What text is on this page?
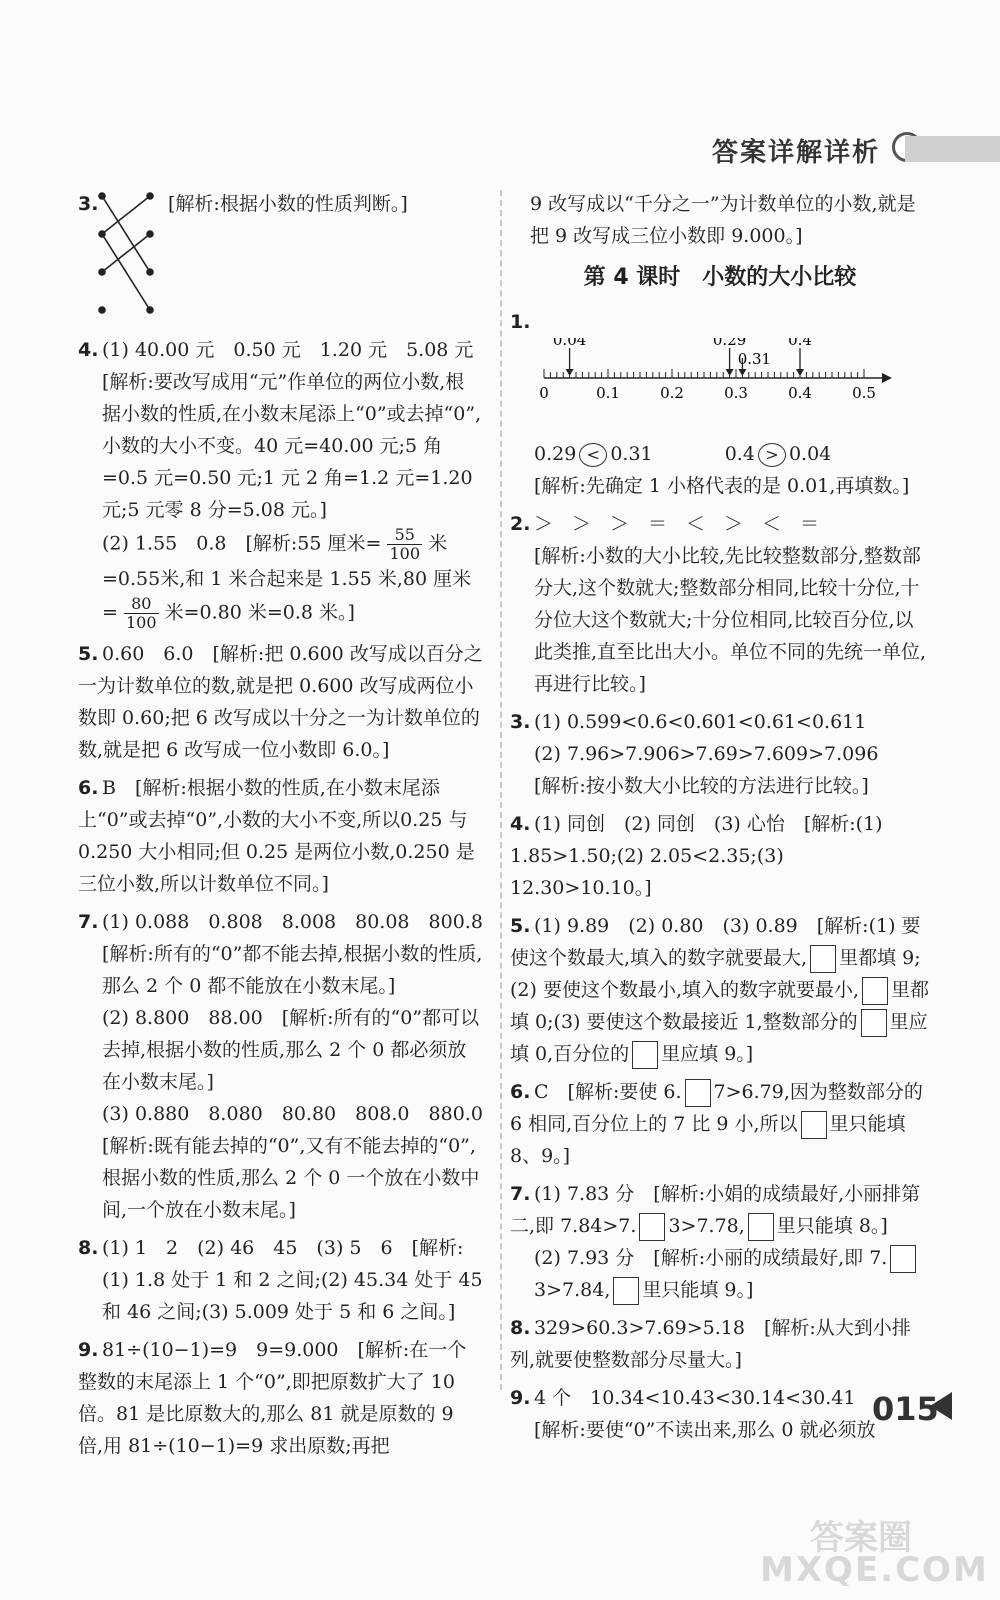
答案详解详析
3.	[解析:根据小数的性质判断。]
4. (1) 40.00 元　0.50 元　1.20 元　5.08 元
[解析:要改写成用“元”作单位的两位小数,根据小数的性质,在小数末尾添上“0”或去掉“0”,小数的大小不变。40 元=40.00 元;5 角=0.5 元=0.50 元;1 元 2 角=1.2 元=1.20 元;5 元零 8 分=5.08 元。]
(2) 1.55　0.8　[解析:55 厘米= $\frac{55}{100}$ 米=0.55米,和 1 米合起来是 1.55 米,80 厘米= $\frac{80}{100}$ 米=0.80 米=0.8 米。]
5. 0.60　6.0　[解析:把 0.600 改写成以百分之一为计数单位的数,就是把 0.600 改写成两位小数即 0.60;把 6 改写成以十分之一为计数单位的数,就是把 6 改写成一位小数即 6.0。]
6. B　[解析:根据小数的性质,在小数末尾添上“0”或去掉“0”,小数的大小不变,所以0.25 与 0.250 大小相同;但 0.25 是两位小数,0.250 是三位小数,所以计数单位不同。]
7. (1) 0.088　0.808　8.008　80.08　800.8
[解析:所有的“0”都不能去掉,根据小数的性质,那么 2 个 0 都不能放在小数末尾。]
(2) 8.800　88.00　[解析:所有的“0”都可以去掉,根据小数的性质,那么 2 个 0 都必须放在小数末尾。]
(3) 0.880　8.080　80.80　808.0　880.0
[解析:既有能去掉的“0”,又有不能去掉的“0”,根据小数的性质,那么 2 个 0 一个放在小数中间,一个放在小数末尾。]
8. (1) 1　2　(2) 46　45　(3) 5　6　[解析:
(1) 1.8 处于 1 和 2 之间;(2) 45.34 处于 45 和 46 之间;(3) 5.009 处于 5 和 6 之间。]
9. 81÷(10−1)=9　9=9.000　[解析:在一个整数的末尾添上 1 个“0”,即把原数扩大了 10 倍。81 是比原数大的,那么 81 就是原数的 9 倍,用 81÷(10−1)=9 求出原数;再把
9 改写成以“千分之一”为计数单位的小数,就是把 9 改写成三位小数即 9.000。]
第 4 课时　小数的大小比较
1.
0	0.1	0.2	0.3	0.4	0.5
0.04	0.29
0.31
0.4
0.29 < 0.31	0.4 > 0.04
[解析:先确定 1 小格代表的是 0.01,再填数。]
2. ＞　＞　＞　＝　＜　＞　＜　＝
[解析:小数的大小比较,先比较整数部分,整数部分大,这个数就大;整数部分相同,比较十分位,十分位大这个数就大;十分位相同,比较百分位,以此类推,直至比出大小。单位不同的先统一单位,再进行比较。]
3. (1) 0.599<0.6<0.601<0.61<0.611
(2) 7.96>7.906>7.69>7.609>7.096
[解析:按小数大小比较的方法进行比较。]
4. (1) 同创　(2) 同创　(3) 心怡　[解析:(1) 1.85>1.50;(2) 2.05<2.35;(3) 12.30>10.10。]
5. (1) 9.89　(2) 0.80　(3) 0.89　[解析:(1) 要使这个数最大,填入的数字就要最大, 里都填 9;(2) 要使这个数最小,填入的数字就要最小, 里都填 0;(3) 要使这个数最接近 1,整数部分的 里应填 0,百分位的 里应填 9。]
6. C　[解析:要使 6. 7>6.79,因为整数部分的 6 相同,百分位上的 7 比 9 小,所以 里只能填 8、9。]
7. (1) 7.83 分　[解析:小娟的成绩最好,小丽排第二,即 7.84>7. 3>7.78, 里只能填 8。]
(2) 7.93 分　[解析:小丽的成绩最好,即 7.3>7.84, 里只能填 9。]
8. 329>60.3>7.69>5.18　[解析:从大到小排列,就要使整数部分尽量大。]
9. 4 个　10.34<10.43<30.14<30.41
[解析:要使“0”不读出来,那么 0 就必须放
015
答案圈
MXQE.COM
